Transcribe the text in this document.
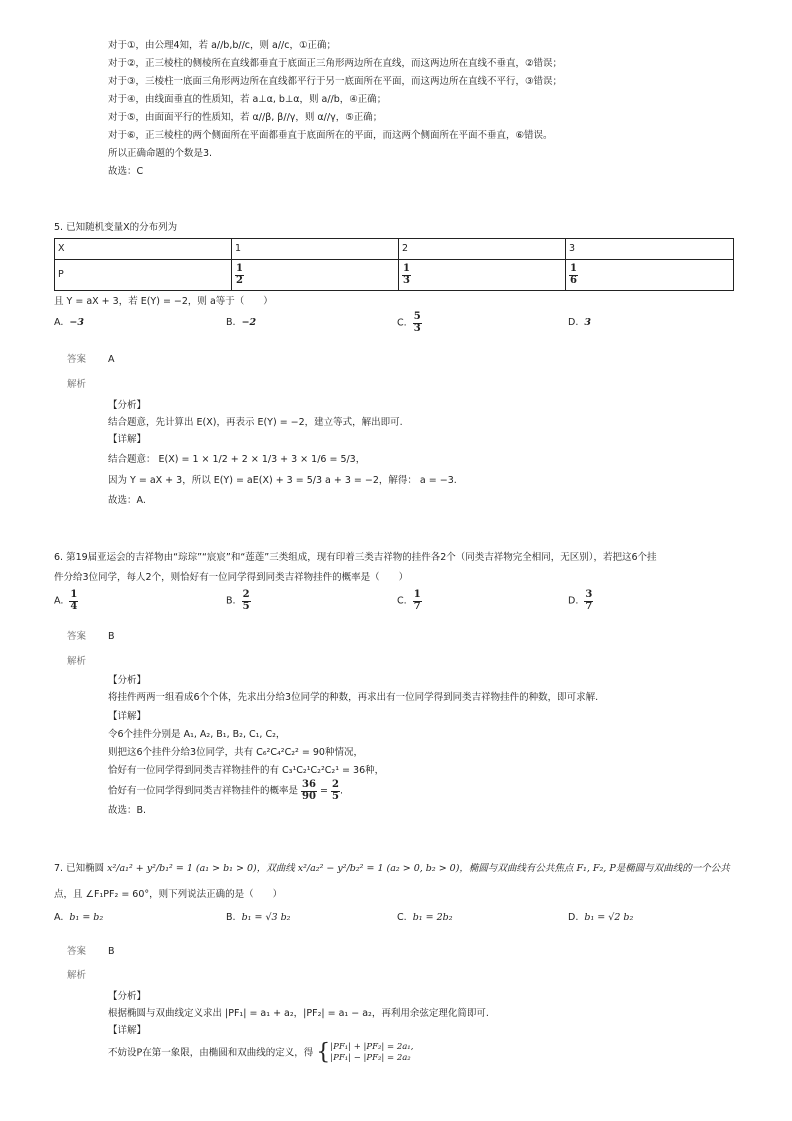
对于①，由公理4知，若 a//b,b//c，则 a//c，①正确；
对于②，正三棱柱的侧棱所在直线都垂直于底面正三角形两边所在直线，而这两边所在直线不垂直，②错误；
对于③，三棱柱一底面三角形两边所在直线都平行于另一底面所在平面，而这两边所在直线不平行，③错误；
对于④，由线面垂直的性质知，若 a⊥α, b⊥α，则 a//b，④正确；
对于⑤，由面面平行的性质知，若 α//β, β//γ，则 α//γ，⑤正确；
对于⑥，正三棱柱的两个侧面所在平面都垂直于底面所在的平面，而这两个侧面所在平面不垂直，⑥错误。
所以正确命题的个数是3.
故选：C
5. 已知随机变量X的分布列为
X	1	2	3
P	$\frac{1}{2}$	$\frac{1}{3}$	$\frac{1}{6}$
且 Y = aX + 3，若 E(Y) = −2，则 a等于（　　）
A. −3	B. −2	C. $\frac{5}{3}$	D. 3
答案 A
解析
【分析】
结合题意，先计算出 E(X)，再表示 E(Y) = −2，建立等式，解出即可.
【详解】
结合题意： E(X) = 1 × 1/2 + 2 × 1/3 + 3 × 1/6 = 5/3，
因为 Y = aX + 3，所以 E(Y) = aE(X) + 3 = 5/3 a + 3 = −2，解得： a = −3.
故选：A.
6. 第19届亚运会的吉祥物由“琮琮”“宸宸”和“莲莲”三类组成，现有印着三类吉祥物的挂件各2个（同类吉祥物完全相同，无区别），若把这6个挂
件分给3位同学，每人2个，则恰好有一位同学得到同类吉祥物挂件的概率是（　　）
A. $\frac{1}{4}$	B. $\frac{2}{5}$	C. $\frac{1}{7}$	D. $\frac{3}{7}$
答案 B
解析
【分析】
将挂件两两一组看成6个个体，先求出分给3位同学的种数，再求出有一位同学得到同类吉祥物挂件的种数，即可求解.
【详解】
令6个挂件分别是 A₁, A₂, B₁, B₂, C₁, C₂，
则把这6个挂件分给3位同学，共有 C₆²C₄²C₂² = 90种情况，
恰好有一位同学得到同类吉祥物挂件的有 C₃¹C₂¹C₂²C₂¹ = 36种，
恰好有一位同学得到同类吉祥物挂件的概率是 $\frac{36}{90} = \frac{2}{5}$ .
故选：B.
7. 已知椭圆 x²/a₁² + y²/b₁² = 1 (a₁ > b₁ > 0)，双曲线 x²/a₂² − y²/b₂² = 1 (a₂ > 0, b₂ > 0)，椭圆与双曲线有公共焦点 F₁, F₂, P是椭圆与双曲线的一个公共
点，且 ∠F₁PF₂ = 60°，则下列说法正确的是（　　）
A. b₁ = b₂	B. b₁ = √3 b₂	C. b₁ = 2b₂	D. b₁ = √2 b₂
答案 B
解析
【分析】
根据椭圆与双曲线定义求出 |PF₁| = a₁ + a₂，|PF₂| = a₁ − a₂，再利用余弦定理化简即可.
【详解】
不妨设P在第一象限，由椭圆和双曲线的定义，得 { |PF₁| + |PF₂| = 2a₁,
|PF₁| − |PF₂| = 2a₂
